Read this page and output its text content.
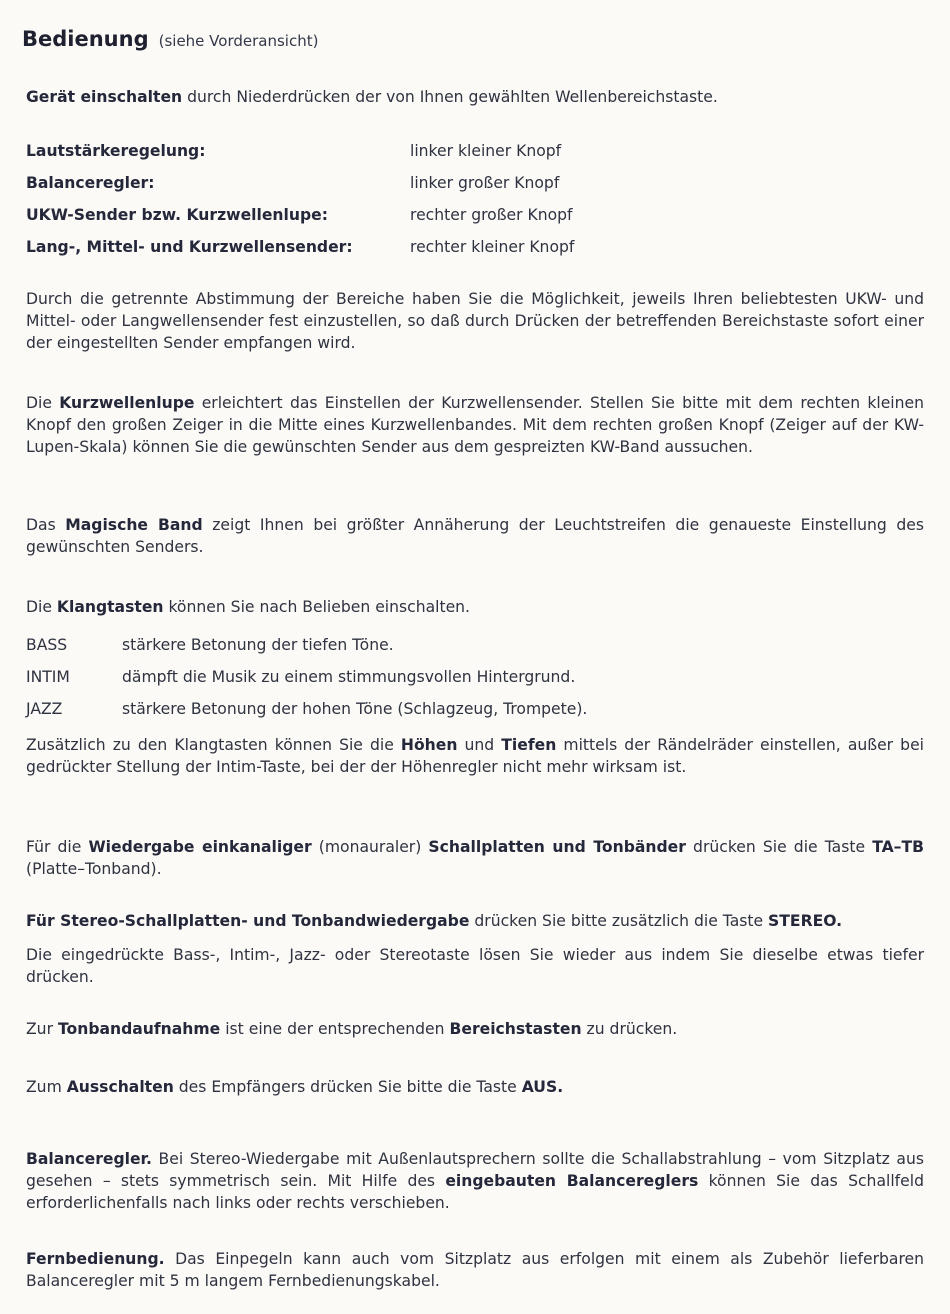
Bedienung (siehe Vorderansicht)

Gerät einschalten durch Niederdrücken der von Ihnen gewählten Wellenbereichstaste.

Lautstärkeregelung:	linker kleiner Knopf
Balanceregler:	linker großer Knopf
UKW-Sender bzw. Kurzwellenlupe:	rechter großer Knopf
Lang-, Mittel- und Kurzwellensender:	rechter kleiner Knopf

Durch die getrennte Abstimmung der Bereiche haben Sie die Möglichkeit, jeweils Ihren beliebtesten UKW- und Mittel- oder Langwellensender fest einzustellen, so daß durch Drücken der betreffenden Bereichstaste sofort einer der eingestellten Sender empfangen wird.

Die Kurzwellenlupe erleichtert das Einstellen der Kurzwellensender. Stellen Sie bitte mit dem rechten kleinen Knopf den großen Zeiger in die Mitte eines Kurzwellenbandes. Mit dem rechten großen Knopf (Zeiger auf der KW-Lupen-Skala) können Sie die gewünschten Sender aus dem gespreizten KW-Band aussuchen.

Das Magische Band zeigt Ihnen bei größter Annäherung der Leuchtstreifen die genaueste Einstellung des gewünschten Senders.

Die Klangtasten können Sie nach Belieben einschalten.

BASS	stärkere Betonung der tiefen Töne.
INTIM	dämpft die Musik zu einem stimmungsvollen Hintergrund.
JAZZ	stärkere Betonung der hohen Töne (Schlagzeug, Trompete).

Zusätzlich zu den Klangtasten können Sie die Höhen und Tiefen mittels der Rändelräder einstellen, außer bei gedrückter Stellung der Intim-Taste, bei der der Höhenregler nicht mehr wirksam ist.

Für die Wiedergabe einkanaliger (monauraler) Schallplatten und Tonbänder drücken Sie die Taste TA–TB (Platte–Tonband).

Für Stereo-Schallplatten- und Tonbandwiedergabe drücken Sie bitte zusätzlich die Taste STEREO.

Die eingedrückte Bass-, Intim-, Jazz- oder Stereotaste lösen Sie wieder aus indem Sie dieselbe etwas tiefer drücken.

Zur Tonbandaufnahme ist eine der entsprechenden Bereichstasten zu drücken.

Zum Ausschalten des Empfängers drücken Sie bitte die Taste AUS.

Balanceregler. Bei Stereo-Wiedergabe mit Außenlautsprechern sollte die Schallabstrahlung – vom Sitzplatz aus gesehen – stets symmetrisch sein. Mit Hilfe des eingebauten Balancereglers können Sie das Schallfeld erforderlichenfalls nach links oder rechts verschieben.

Fernbedienung. Das Einpegeln kann auch vom Sitzplatz aus erfolgen mit einem als Zubehör lieferbaren Balanceregler mit 5 m langem Fernbedienungskabel.
